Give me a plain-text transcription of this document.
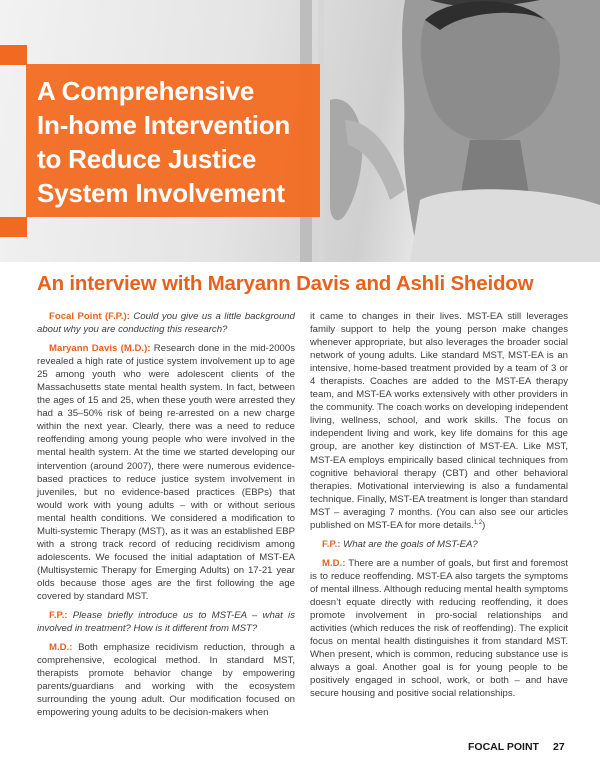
A Comprehensive
In-home Intervention
to Reduce Justice
System Involvement
An interview with Maryann Davis and Ashli Sheidow

Focal Point (F.P.): Could you give us a little background about why you are conducting this research?

Maryann Davis (M.D.): Research done in the mid-2000s revealed a high rate of justice system involvement up to age 25 among youth who were adolescent clients of the Massachusetts state mental health system. In fact, between the ages of 15 and 25, when these youth were arrested they had a 35–50% risk of being re-arrested on a new charge within the next year. Clearly, there was a need to reduce reoffending among young people who were involved in the mental health system. At the time we started developing our intervention (around 2007), there were numerous evidence-based practices to reduce justice system involvement in juveniles, but no evidence-based practices (EBPs) that would work with young adults – with or without serious mental health conditions. We considered a modification to Multi-systemic Therapy (MST), as it was an established EBP with a strong track record of reducing recidivism among adolescents. We focused the initial adaptation of MST-EA (Multisystemic Therapy for Emerging Adults) on 17-21 year olds because those ages are the first following the age covered by standard MST.

F.P.: Please briefly introduce us to MST-EA – what is involved in treatment? How is it different from MST?

M.D.: Both emphasize recidivism reduction, through a comprehensive, ecological method. In standard MST, therapists promote behavior change by empowering parents/guardians and working with the ecosystem surrounding the young adult. Our modification focused on empowering young adults to be decision-makers when

it came to changes in their lives. MST-EA still leverages family support to help the young person make changes whenever appropriate, but also leverages the broader social network of young adults. Like standard MST, MST-EA is an intensive, home-based treatment provided by a team of 3 or 4 therapists. Coaches are added to the MST-EA therapy team, and MST-EA works extensively with other providers in the community. The coach works on developing independent living, wellness, school, and work skills. The focus on independent living and work, key life domains for this age group, are another key distinction of MST-EA. Like MST, MST-EA employs empirically based clinical techniques from cognitive behavioral therapy (CBT) and other behavioral therapies. Motivational interviewing is also a fundamental technique. Finally, MST-EA treatment is longer than standard MST – averaging 7 months. (You can also see our articles published on MST-EA for more details.$^{1,2}$)

F.P.: What are the goals of MST-EA?

M.D.: There are a number of goals, but first and foremost is to reduce reoffending. MST-EA also targets the symptoms of mental illness. Although reducing mental health symptoms doesn’t equate directly with reducing reoffending, it does promote involvement in pro-social relationships and activities (which reduces the risk of reoffending). The explicit focus on mental health distinguishes it from standard MST. When present, which is common, reducing substance use is always a goal. Another goal is for young people to be positively engaged in school, work, or both – and have secure housing and positive social relationships.

FOCAL POINT 27
